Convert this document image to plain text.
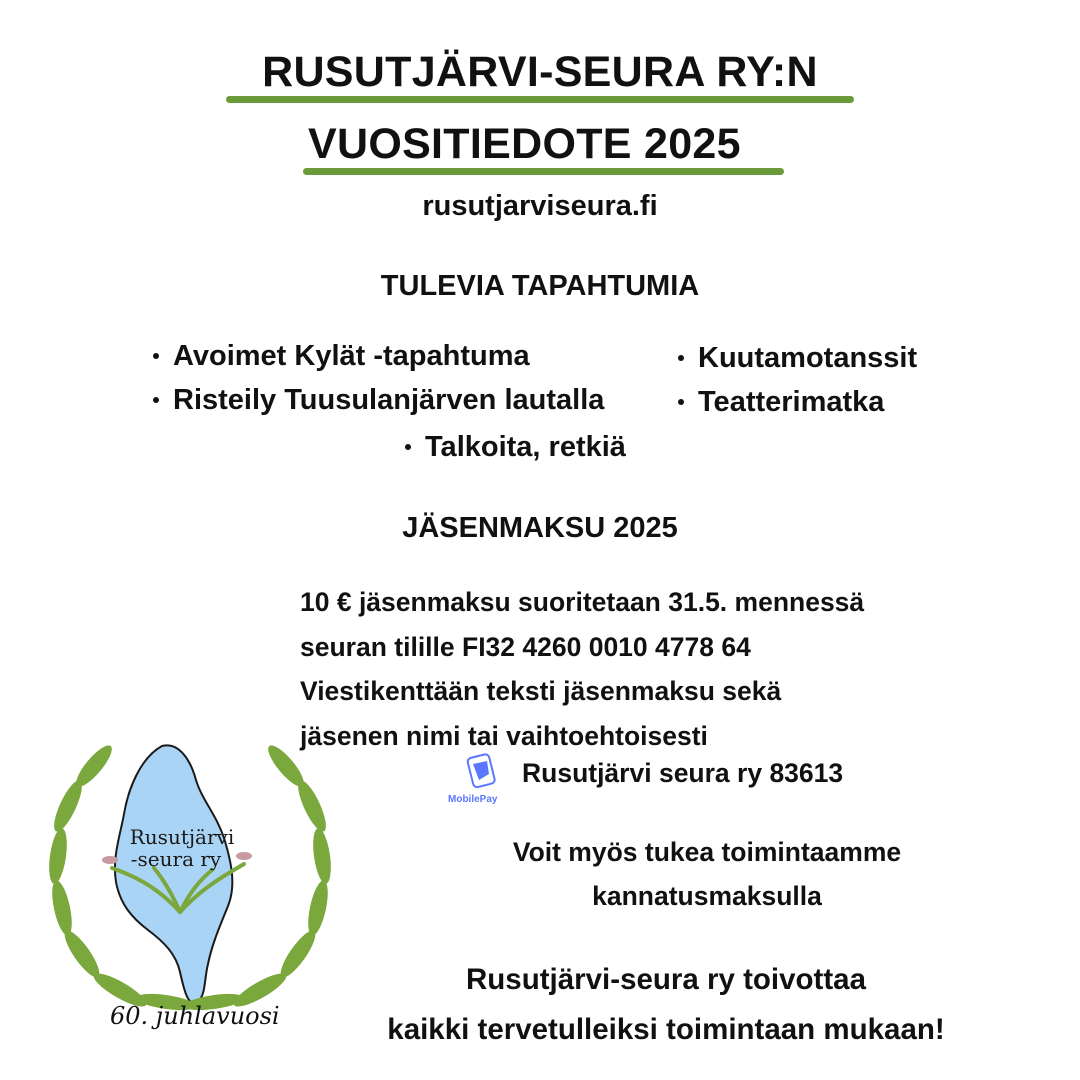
RUSUTJÄRVI-SEURA RY:N
VUOSITIEDOTE 2025
rusutjarviseura.fi
TULEVIA TAPAHTUMIA
Avoimet Kylät -tapahtuma
Risteily Tuusulanjärven lautalla
Kuutamotanssit
Teatterimatka
Talkoita, retkiä
JÄSENMAKSU 2025
10 € jäsenmaksu suoritetaan 31.5. mennessä
seuran tilille FI32 4260 0010 4778 64
Viestikenttään teksti jäsenmaksu sekä
jäsenen nimi tai vaihtoehtoisesti
MobilePay
Rusutjärvi seura ry 83613
Voit myös tukea toimintaamme
kannatusmaksulla
Rusutjärvi-seura ry toivottaa
kaikki tervetulleiksi toimintaan mukaan!
Rusutjärvi
-seura ry
60. juhlavuosi
